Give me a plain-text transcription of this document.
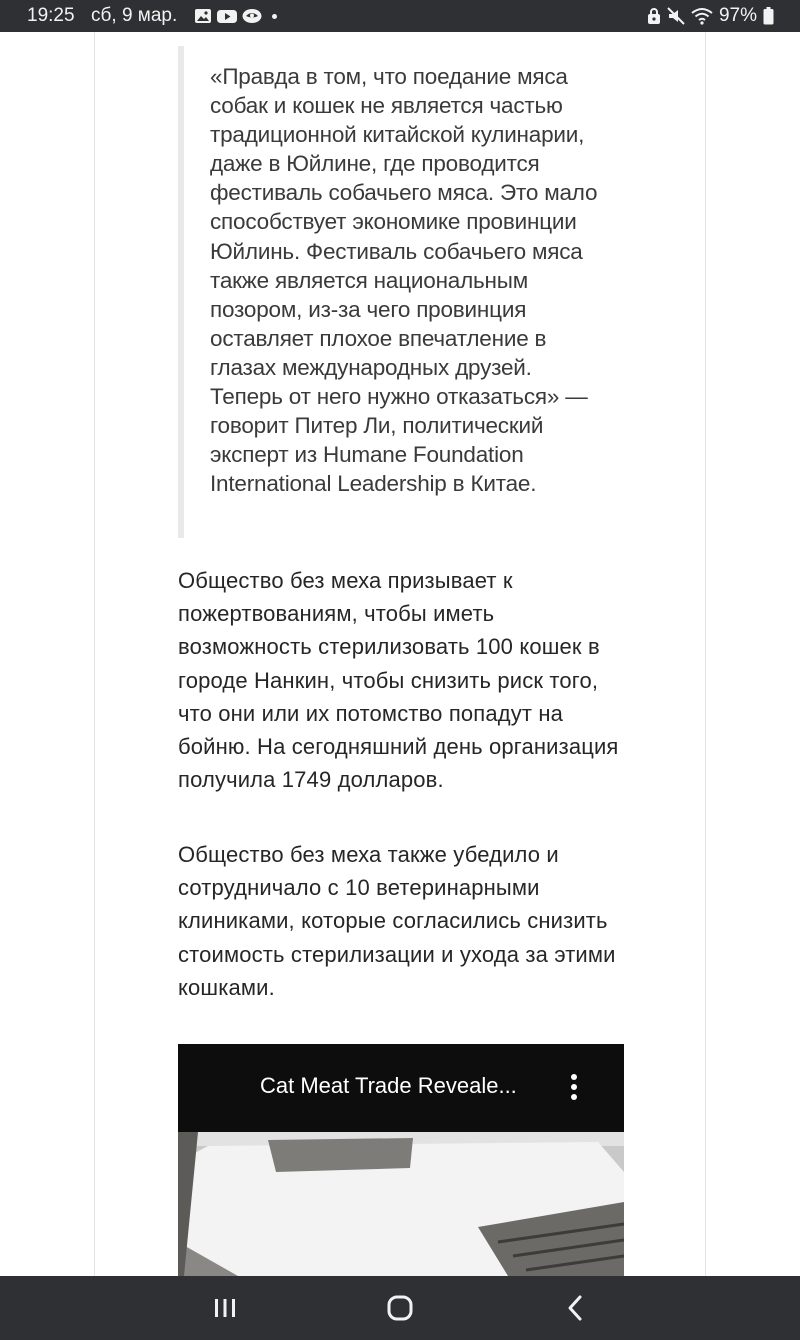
19:25 сб, 9 мар.	97%

«Правда в том, что поедание мяса собак и кошек не является частью традиционной китайской кулинарии, даже в Юйлине, где проводится фестиваль собачьего мяса. Это мало способствует экономике провинции Юйлинь. Фестиваль собачьего мяса также является национальным позором, из-за чего провинция оставляет плохое впечатление в глазах международных друзей. Теперь от него нужно отказаться» — говорит Питер Ли, политический эксперт из Humane Foundation International Leadership в Китае.

Общество без меха призывает к пожертвованиям, чтобы иметь возможность стерилизовать 100 кошек в городе Нанкин, чтобы снизить риск того, что они или их потомство попадут на бойню. На сегодняшний день организация получила 1749 долларов.

Общество без меха также убедило и сотрудничало с 10 ветеринарными клиниками, которые согласились снизить стоимость стерилизации и ухода за этими кошками.

Cat Meat Trade Reveale...
